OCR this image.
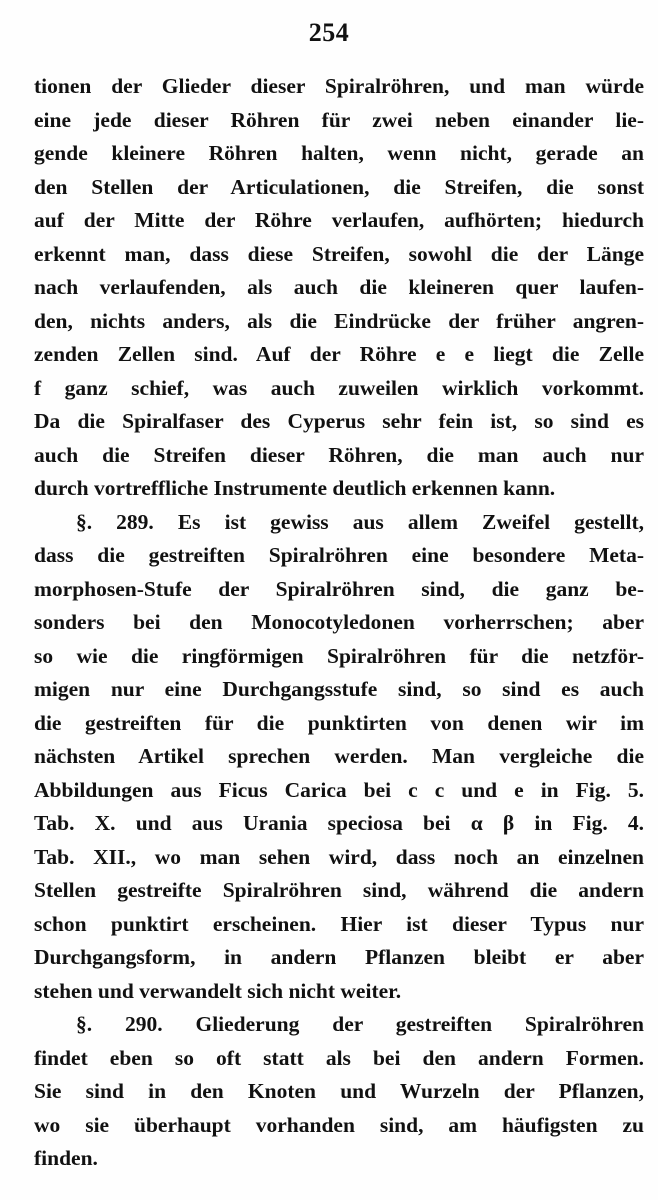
254
tionen der Glieder dieser Spiralröhren, und man würde
eine jede dieser Röhren für zwei neben einander lie-
gende kleinere Röhren halten, wenn nicht, gerade an
den Stellen der Articulationen, die Streifen, die sonst
auf der Mitte der Röhre verlaufen, aufhörten; hiedurch
erkennt man, dass diese Streifen, sowohl die der Länge
nach verlaufenden, als auch die kleineren quer laufen-
den, nichts anders, als die Eindrücke der früher angren-
zenden Zellen sind. Auf der Röhre e e liegt die Zelle
f ganz schief, was auch zuweilen wirklich vorkommt.
Da die Spiralfaser des Cyperus sehr fein ist, so sind es
auch die Streifen dieser Röhren, die man auch nur
durch vortreffliche Instrumente deutlich erkennen kann.
§. 289. Es ist gewiss aus allem Zweifel gestellt,
dass die gestreiften Spiralröhren eine besondere Meta-
morphosen-Stufe der Spiralröhren sind, die ganz be-
sonders bei den Monocotyledonen vorherrschen; aber
so wie die ringförmigen Spiralröhren für die netzför-
migen nur eine Durchgangsstufe sind, so sind es auch
die gestreiften für die punktirten von denen wir im
nächsten Artikel sprechen werden. Man vergleiche die
Abbildungen aus Ficus Carica bei c c und e in Fig. 5.
Tab. X. und aus Urania speciosa bei α β in Fig. 4.
Tab. XII., wo man sehen wird, dass noch an einzelnen
Stellen gestreifte Spiralröhren sind, während die andern
schon punktirt erscheinen. Hier ist dieser Typus nur
Durchgangsform, in andern Pflanzen bleibt er aber
stehen und verwandelt sich nicht weiter.
§. 290. Gliederung der gestreiften Spiralröhren
findet eben so oft statt als bei den andern Formen.
Sie sind in den Knoten und Wurzeln der Pflanzen,
wo sie überhaupt vorhanden sind, am häufigsten zu
finden.
